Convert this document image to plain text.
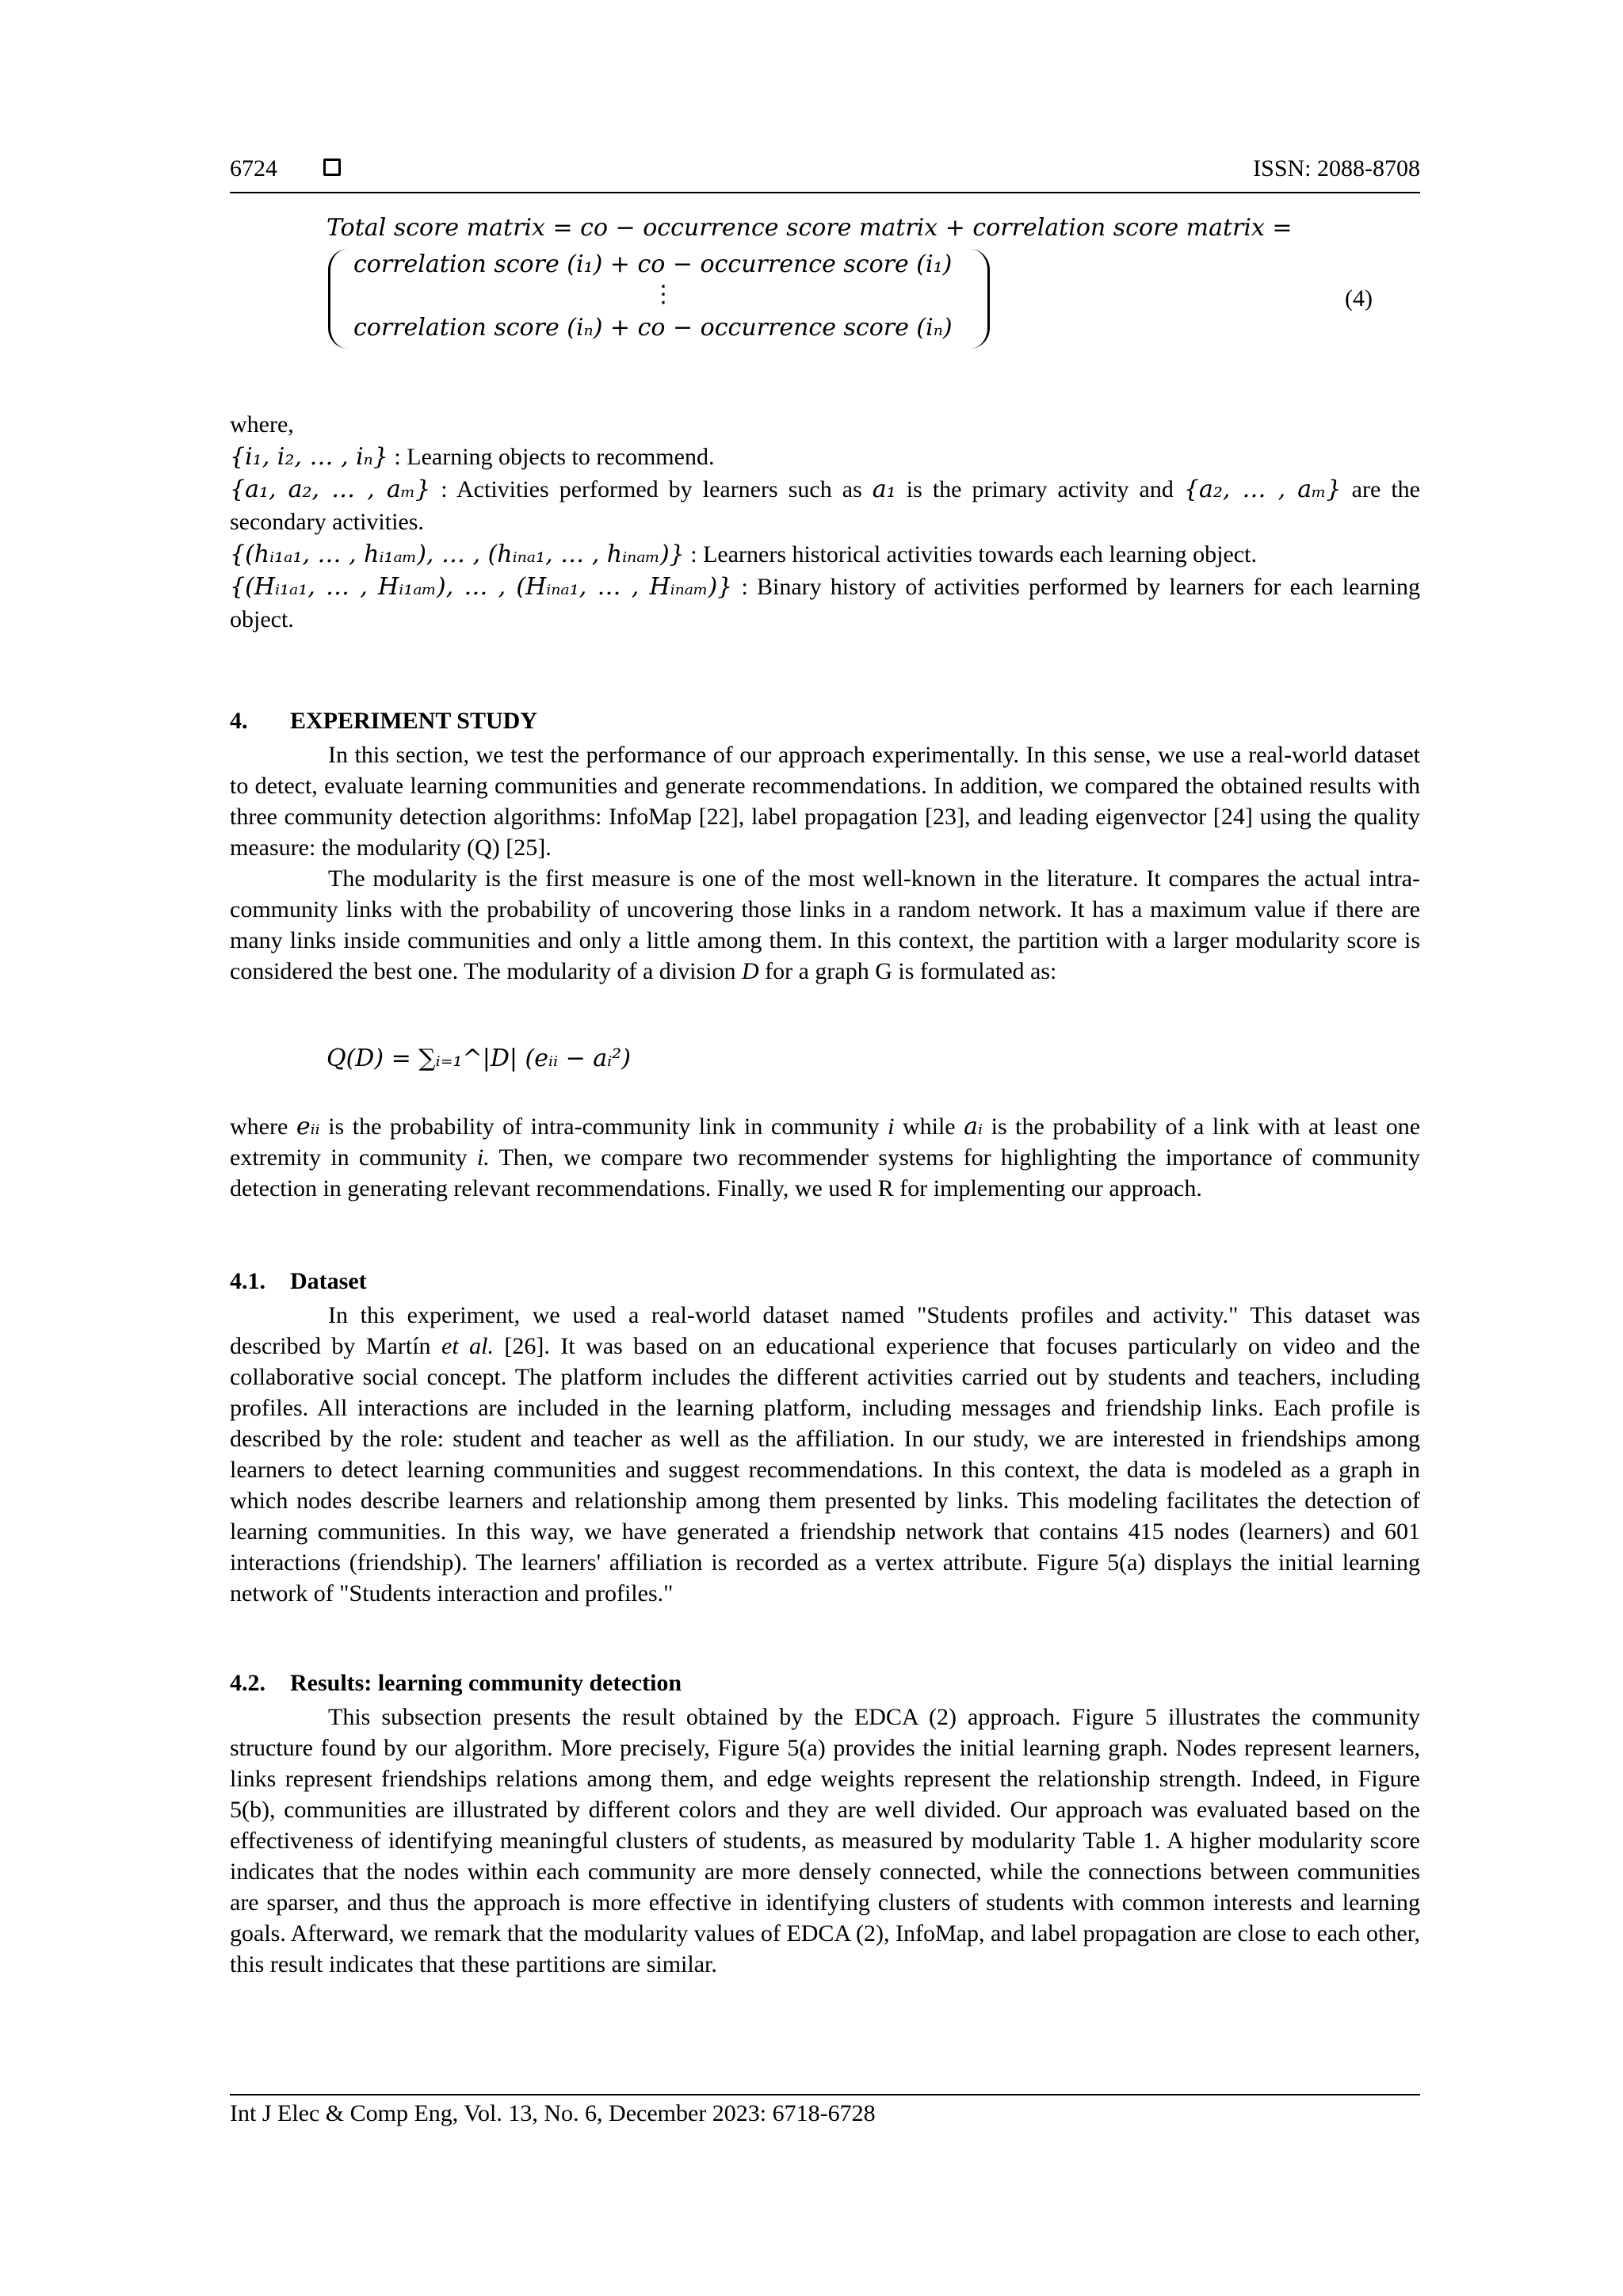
6724	ISSN: 2088-8708
Total score matrix = co − occurrence score matrix + correlation score matrix =
correlation score (i₁) + co − occurrence score (i₁)
⋮
correlation score (iₙ) + co − occurrence score (iₙ)
(4)
where,
{i₁, i₂, … , iₙ} : Learning objects to recommend.
{a₁, a₂, … , aₘ} : Activities performed by learners such as a₁ is the primary activity and {a₂, … , aₘ} are the secondary activities.
{(hᵢ₁ₐ₁, … , hᵢ₁ₐₘ), … , (hᵢₙₐ₁, … , hᵢₙₐₘ)} : Learners historical activities towards each learning object.
{(Hᵢ₁ₐ₁, … , Hᵢ₁ₐₘ), … , (Hᵢₙₐ₁, … , Hᵢₙₐₘ)} : Binary history of activities performed by learners for each learning object.
4. EXPERIMENT STUDY
In this section, we test the performance of our approach experimentally. In this sense, we use a real-world dataset to detect, evaluate learning communities and generate recommendations. In addition, we compared the obtained results with three community detection algorithms: InfoMap [22], label propagation [23], and leading eigenvector [24] using the quality measure: the modularity (Q) [25].
The modularity is the first measure is one of the most well-known in the literature. It compares the actual intra-community links with the probability of uncovering those links in a random network. It has a maximum value if there are many links inside communities and only a little among them. In this context, the partition with a larger modularity score is considered the best one. The modularity of a division D for a graph G is formulated as:
Q(D) = ∑ᵢ₌₁^|D| (eᵢᵢ − aᵢ²)
where eᵢᵢ is the probability of intra-community link in community i while aᵢ is the probability of a link with at least one extremity in community i. Then, we compare two recommender systems for highlighting the importance of community detection in generating relevant recommendations. Finally, we used R for implementing our approach.
4.1. Dataset
In this experiment, we used a real-world dataset named "Students profiles and activity." This dataset was described by Martín et al. [26]. It was based on an educational experience that focuses particularly on video and the collaborative social concept. The platform includes the different activities carried out by students and teachers, including profiles. All interactions are included in the learning platform, including messages and friendship links. Each profile is described by the role: student and teacher as well as the affiliation. In our study, we are interested in friendships among learners to detect learning communities and suggest recommendations. In this context, the data is modeled as a graph in which nodes describe learners and relationship among them presented by links. This modeling facilitates the detection of learning communities. In this way, we have generated a friendship network that contains 415 nodes (learners) and 601 interactions (friendship). The learners' affiliation is recorded as a vertex attribute. Figure 5(a) displays the initial learning network of "Students interaction and profiles."
4.2. Results: learning community detection
This subsection presents the result obtained by the EDCA (2) approach. Figure 5 illustrates the community structure found by our algorithm. More precisely, Figure 5(a) provides the initial learning graph. Nodes represent learners, links represent friendships relations among them, and edge weights represent the relationship strength. Indeed, in Figure 5(b), communities are illustrated by different colors and they are well divided. Our approach was evaluated based on the effectiveness of identifying meaningful clusters of students, as measured by modularity Table 1. A higher modularity score indicates that the nodes within each community are more densely connected, while the connections between communities are sparser, and thus the approach is more effective in identifying clusters of students with common interests and learning goals. Afterward, we remark that the modularity values of EDCA (2), InfoMap, and label propagation are close to each other, this result indicates that these partitions are similar.
Int J Elec & Comp Eng, Vol. 13, No. 6, December 2023: 6718-6728
